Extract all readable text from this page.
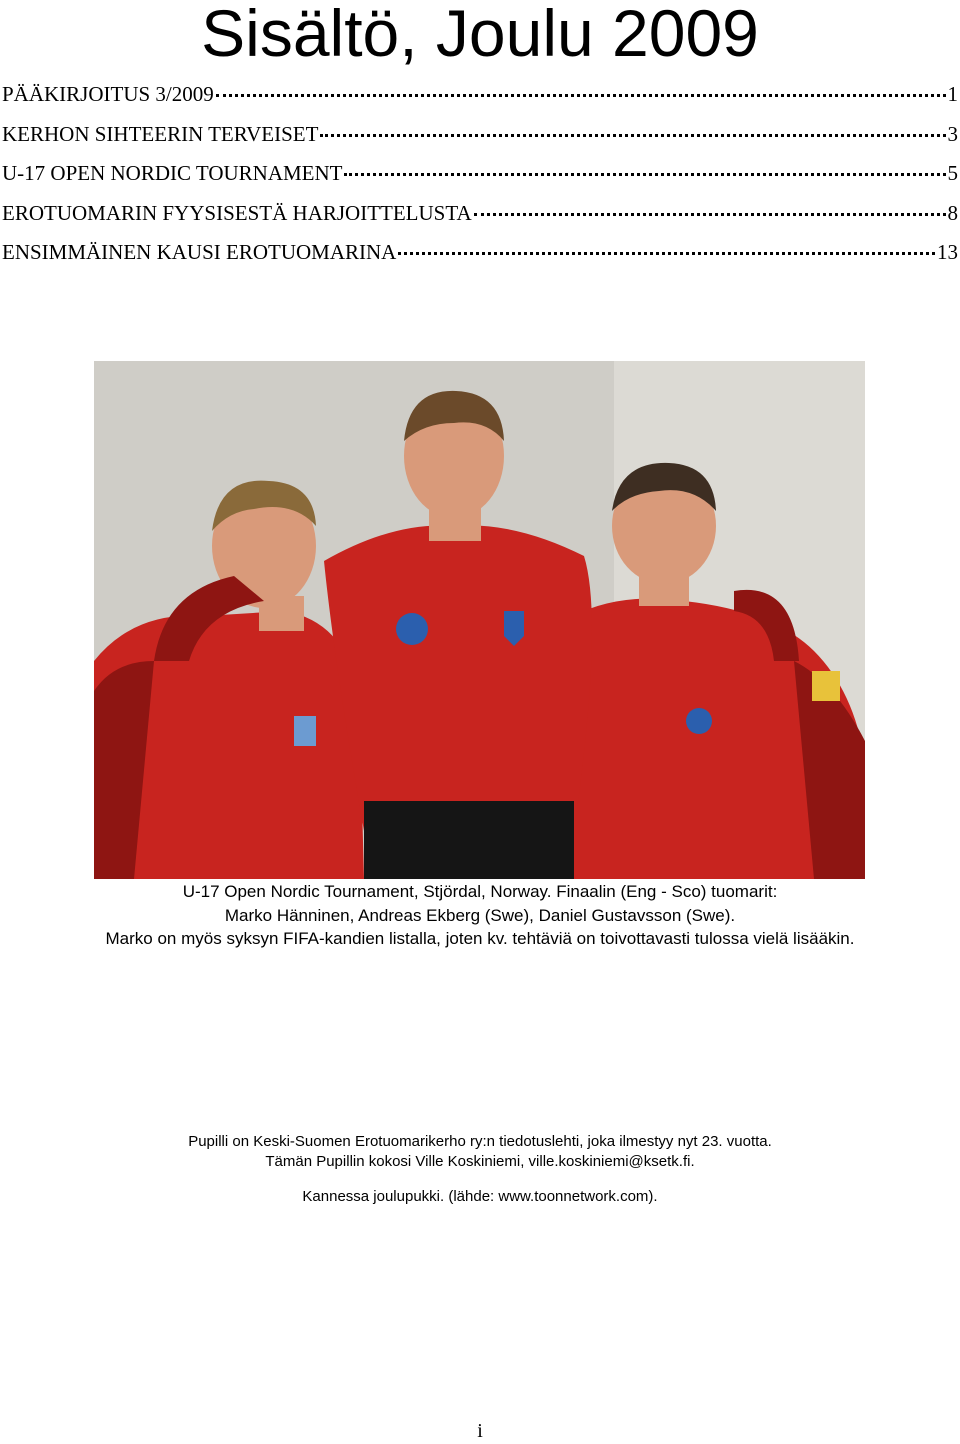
Sisältö, Joulu 2009
PÄÄKIRJOITUS 3/2009	1
KERHON SIHTEERIN TERVEISET	3
U-17 OPEN NORDIC TOURNAMENT	5
EROTUOMARIN FYYSISESTÄ HARJOITTELUSTA	8
ENSIMMÄINEN KAUSI EROTUOMARINA	13
U-17 Open Nordic Tournament, Stjördal, Norway. Finaalin (Eng - Sco) tuomarit:
Marko Hänninen, Andreas Ekberg (Swe), Daniel Gustavsson (Swe).
Marko on myös syksyn FIFA-kandien listalla, joten kv. tehtäviä on toivottavasti tulossa vielä lisääkin.
Pupilli on Keski-Suomen Erotuomarikerho ry:n tiedotuslehti, joka ilmestyy nyt 23. vuotta.
Tämän Pupillin kokosi Ville Koskiniemi, ville.koskiniemi@ksetk.fi.
Kannessa joulupukki. (lähde: www.toonnetwork.com).
i
